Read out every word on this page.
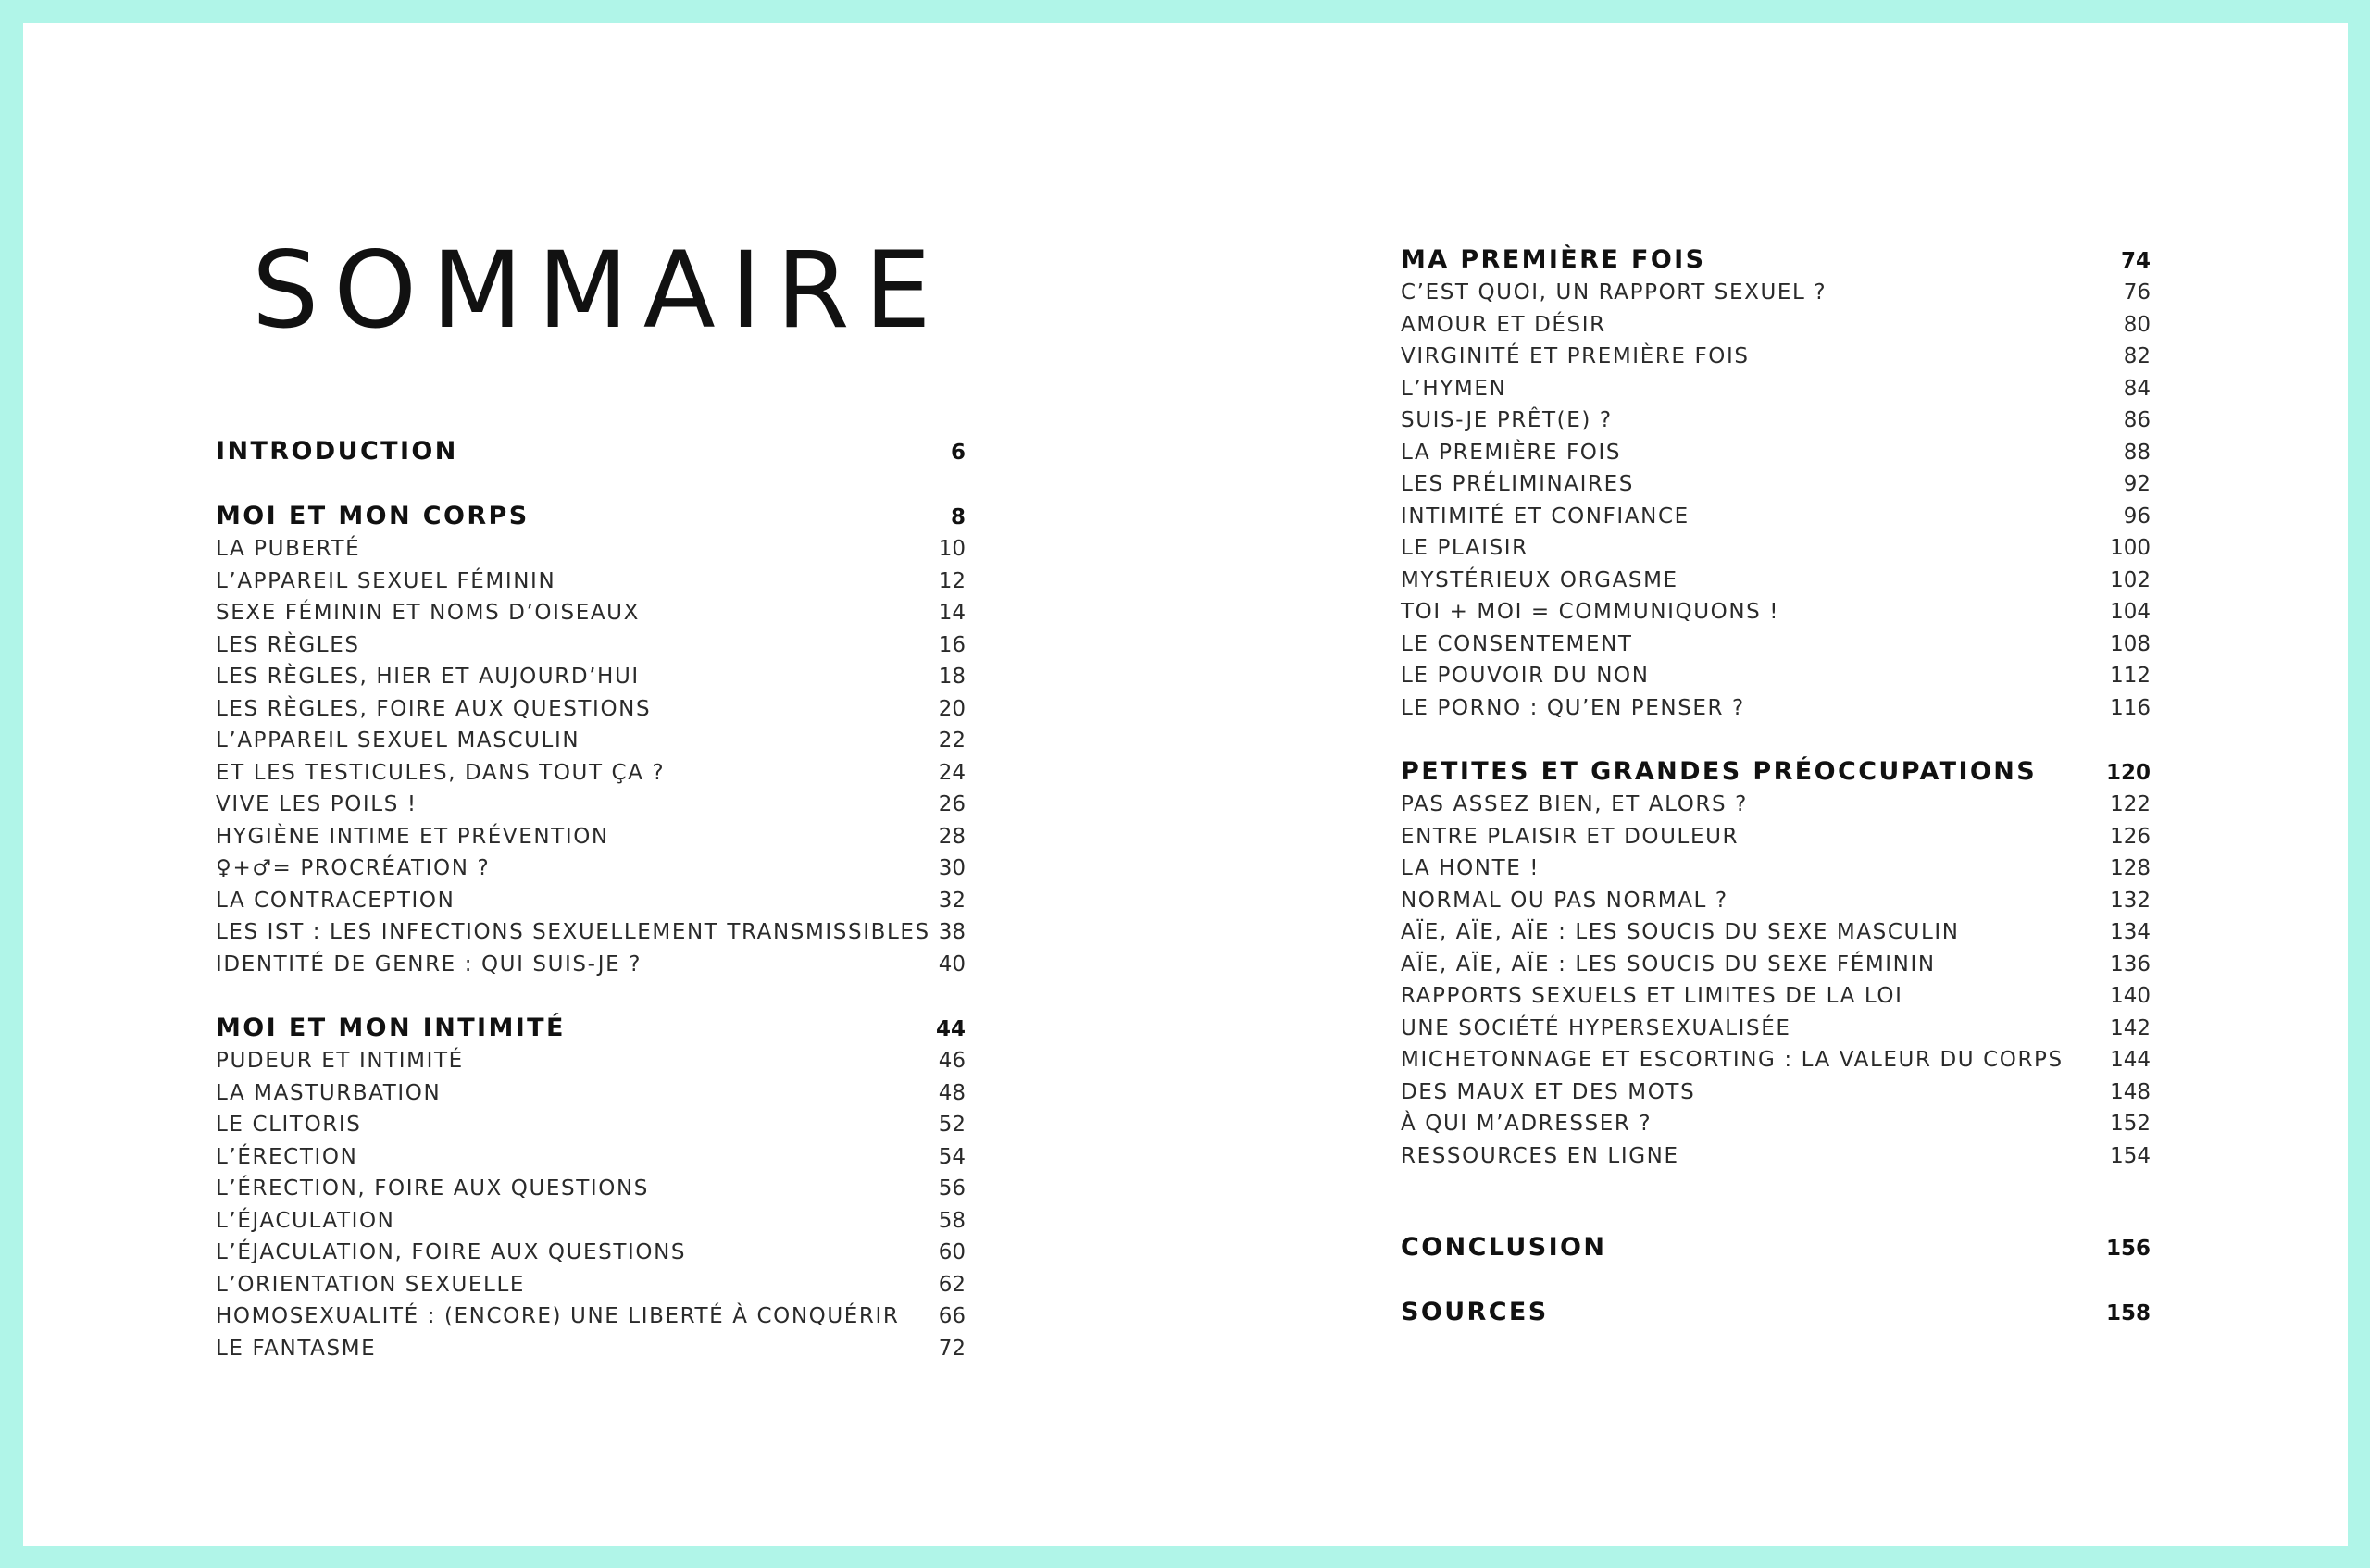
SOMMAIRE
INTRODUCTION	6
MOI ET MON CORPS	8
LA PUBERTÉ	10
L’APPAREIL SEXUEL FÉMININ	12
SEXE FÉMININ ET NOMS D’OISEAUX	14
LES RÈGLES	16
LES RÈGLES, HIER ET AUJOURD’HUI	18
LES RÈGLES, FOIRE AUX QUESTIONS	20
L’APPAREIL SEXUEL MASCULIN	22
ET LES TESTICULES, DANS TOUT ÇA ?	24
VIVE LES POILS !	26
HYGIÈNE INTIME ET PRÉVENTION	28
♀+♂= PROCRÉATION ?	30
LA CONTRACEPTION	32
LES IST : LES INFECTIONS SEXUELLEMENT TRANSMISSIBLES 38
IDENTITÉ DE GENRE : QUI SUIS-JE ?	40
MOI ET MON INTIMITÉ	44
PUDEUR ET INTIMITÉ	46
LA MASTURBATION	48
LE CLITORIS	52
L’ÉRECTION	54
L’ÉRECTION, FOIRE AUX QUESTIONS	56
L’ÉJACULATION	58
L’ÉJACULATION, FOIRE AUX QUESTIONS	60
L’ORIENTATION SEXUELLE	62
HOMOSEXUALITÉ : (ENCORE) UNE LIBERTÉ À CONQUÉRIR 66
LE FANTASME	72
MA PREMIÈRE FOIS	74
C’EST QUOI, UN RAPPORT SEXUEL ?	76
AMOUR ET DÉSIR	80
VIRGINITÉ ET PREMIÈRE FOIS	82
L’HYMEN	84
SUIS-JE PRÊT(E) ?	86
LA PREMIÈRE FOIS	88
LES PRÉLIMINAIRES	92
INTIMITÉ ET CONFIANCE	96
LE PLAISIR	100
MYSTÉRIEUX ORGASME	102
TOI + MOI = COMMUNIQUONS !	104
LE CONSENTEMENT	108
LE POUVOIR DU NON	112
LE PORNO : QU’EN PENSER ?	116
PETITES ET GRANDES PRÉOCCUPATIONS	120
PAS ASSEZ BIEN, ET ALORS ?	122
ENTRE PLAISIR ET DOULEUR	126
LA HONTE !	128
NORMAL OU PAS NORMAL ?	132
AÏE, AÏE, AÏE : LES SOUCIS DU SEXE MASCULIN	134
AÏE, AÏE, AÏE : LES SOUCIS DU SEXE FÉMININ	136
RAPPORTS SEXUELS ET LIMITES DE LA LOI	140
UNE SOCIÉTÉ HYPERSEXUALISÉE	142
MICHETONNAGE ET ESCORTING : LA VALEUR DU CORPS 144
DES MAUX ET DES MOTS	148
À QUI M’ADRESSER ?	152
RESSOURCES EN LIGNE	154
CONCLUSION	156
SOURCES	158
